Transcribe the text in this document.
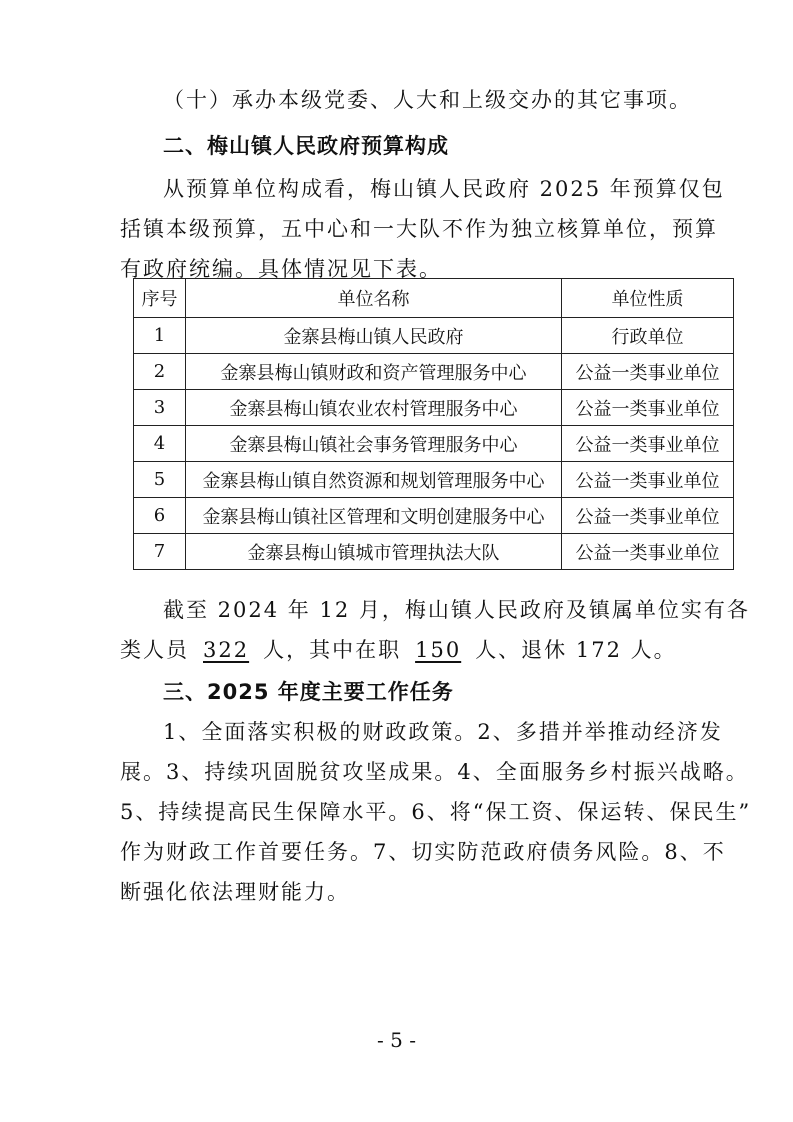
（十）承办本级党委、人大和上级交办的其它事项。
二、梅山镇人民政府预算构成
从预算单位构成看，梅山镇人民政府 2025 年预算仅包
括镇本级预算，五中心和一大队不作为独立核算单位，预算
有政府统编。具体情况见下表。
序号	单位名称	单位性质
1	金寨县梅山镇人民政府	行政单位
2	金寨县梅山镇财政和资产管理服务中心	公益一类事业单位
3	金寨县梅山镇农业农村管理服务中心	公益一类事业单位
4	金寨县梅山镇社会事务管理服务中心	公益一类事业单位
5	金寨县梅山镇自然资源和规划管理服务中心	公益一类事业单位
6	金寨县梅山镇社区管理和文明创建服务中心	公益一类事业单位
7	金寨县梅山镇城市管理执法大队	公益一类事业单位
截至 2024 年 12 月，梅山镇人民政府及镇属单位实有各
类人员 322 人，其中在职 150 人、退休 172 人。
三、2025 年度主要工作任务
1、全面落实积极的财政政策。2、多措并举推动经济发
展。3、持续巩固脱贫攻坚成果。4、全面服务乡村振兴战略。
5、持续提高民生保障水平。6、将“保工资、保运转、保民生”
作为财政工作首要任务。7、切实防范政府债务风险。8、不
断强化依法理财能力。
- 5 -
